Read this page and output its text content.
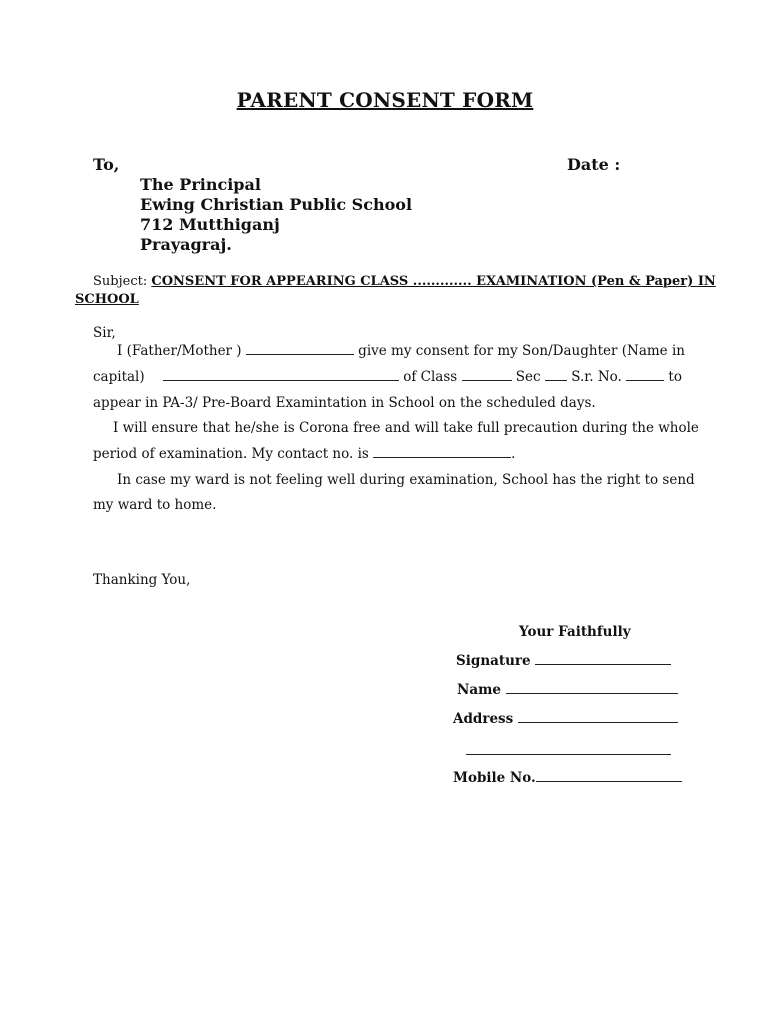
PARENT CONSENT FORM
To,	Date :
The Principal
Ewing Christian Public School
712 Mutthiganj
Prayagraj.
Subject: CONSENT FOR APPEARING CLASS ............. EXAMINATION (Pen & Paper) IN
SCHOOL
Sir,
I (Father/Mother )	give my consent for my Son/Daughter (Name in
capital)	of Class	Sec S.r. No.	to
appear in PA-3/ Pre-Board Examintation in School on the scheduled days.
I will ensure that he/she is Corona free and will take full precaution during the whole
period of examination. My contact no. is	.
In case my ward is not feeling well during examination, School has the right to send
my ward to home.
Thanking You,
Your Faithfully
Signature
Name
Address
Mobile No.
